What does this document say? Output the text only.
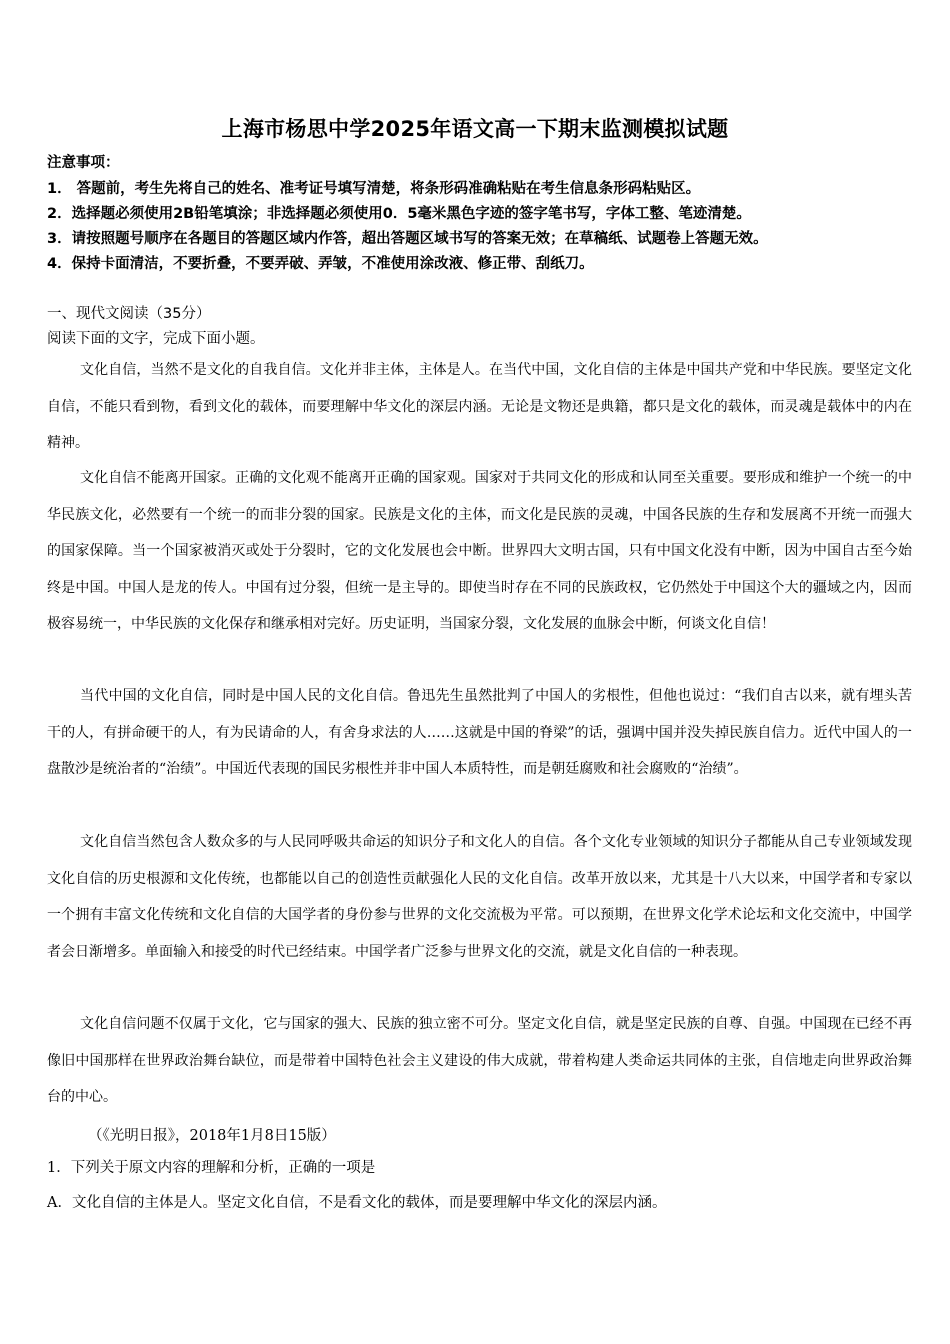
上海市杨思中学2025年语文高一下期末监测模拟试题
注意事项：
1． 答题前，考生先将自己的姓名、准考证号填写清楚，将条形码准确粘贴在考生信息条形码粘贴区。
2．选择题必须使用2B铅笔填涂；非选择题必须使用0．5毫米黑色字迹的签字笔书写，字体工整、笔迹清楚。
3．请按照题号顺序在各题目的答题区域内作答，超出答题区域书写的答案无效；在草稿纸、试题卷上答题无效。
4．保持卡面清洁，不要折叠，不要弄破、弄皱，不准使用涂改液、修正带、刮纸刀。
一、现代文阅读（35分）
阅读下面的文字，完成下面小题。

文化自信，当然不是文化的自我自信。文化并非主体，主体是人。在当代中国，文化自信的主体是中国共产党和中华民族。要坚定文化自信，不能只看到物，看到文化的载体，而要理解中华文化的深层内涵。无论是文物还是典籍，都只是文化的载体，而灵魂是载体中的内在精神。

文化自信不能离开国家。正确的文化观不能离开正确的国家观。国家对于共同文化的形成和认同至关重要。要形成和维护一个统一的中华民族文化，必然要有一个统一的而非分裂的国家。民族是文化的主体，而文化是民族的灵魂，中国各民族的生存和发展离不开统一而强大的国家保障。当一个国家被消灭或处于分裂时，它的文化发展也会中断。世界四大文明古国，只有中国文化没有中断，因为中国自古至今始终是中国。中国人是龙的传人。中国有过分裂，但统一是主导的。即使当时存在不同的民族政权，它仍然处于中国这个大的疆域之内，因而极容易统一，中华民族的文化保存和继承相对完好。历史证明，当国家分裂，文化发展的血脉会中断，何谈文化自信！

当代中国的文化自信，同时是中国人民的文化自信。鲁迅先生虽然批判了中国人的劣根性，但他也说过：“我们自古以来，就有埋头苦干的人，有拼命硬干的人，有为民请命的人，有舍身求法的人……这就是中国的脊梁”的话，强调中国并没失掉民族自信力。近代中国人的一盘散沙是统治者的“治绩”。中国近代表现的国民劣根性并非中国人本质特性，而是朝廷腐败和社会腐败的“治绩”。

文化自信当然包含人数众多的与人民同呼吸共命运的知识分子和文化人的自信。各个文化专业领域的知识分子都能从自己专业领域发现文化自信的历史根源和文化传统，也都能以自己的创造性贡献强化人民的文化自信。改革开放以来，尤其是十八大以来，中国学者和专家以一个拥有丰富文化传统和文化自信的大国学者的身份参与世界的文化交流极为平常。可以预期，在世界文化学术论坛和文化交流中，中国学者会日渐增多。单面输入和接受的时代已经结束。中国学者广泛参与世界文化的交流，就是文化自信的一种表现。

文化自信问题不仅属于文化，它与国家的强大、民族的独立密不可分。坚定文化自信，就是坚定民族的自尊、自强。中国现在已经不再像旧中国那样在世界政治舞台缺位，而是带着中国特色社会主义建设的伟大成就，带着构建人类命运共同体的主张，自信地走向世界政治舞台的中心。

（《光明日报》，2018年1月8日15版）
1．下列关于原文内容的理解和分析，正确的一项是
A．文化自信的主体是人。坚定文化自信，不是看文化的载体，而是要理解中华文化的深层内涵。
